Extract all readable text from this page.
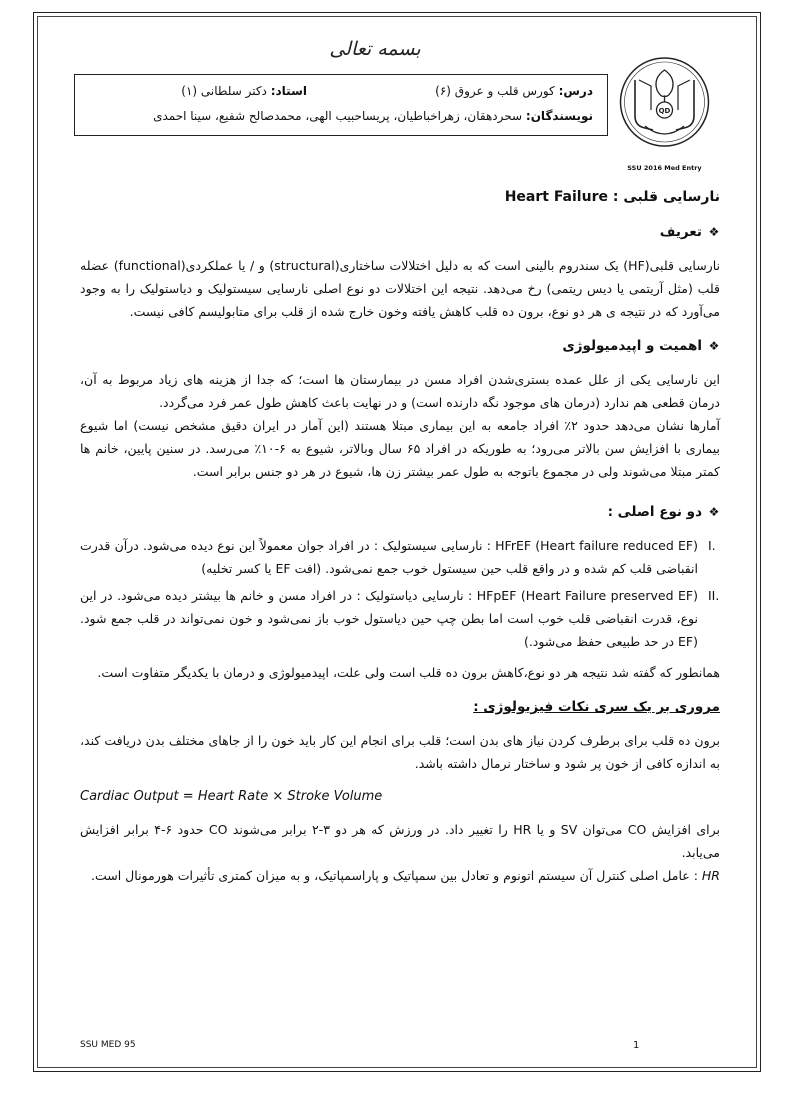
بسمه تعالی
درس: کورس قلب و عروق (۶)
استاد: دکتر سلطانی (۱)
نویسندگان: سحردهقان، زهراخباطیان، پریساحبیب الهی، محمدصالح شفیع، سینا احمدی	QD
SSU 2016 Med Entry
نارسایی قلبی : Heart Failure
❖
تعریف

نارسایی قلبی(HF) یک سندروم بالینی است که به دلیل اختلالات ساختاری(structural) و / یا عملکردی(functional) عضله قلب (مثل آریتمی یا دیس ریتمی) رخ می‌دهد. نتیجه این اختلالات دو نوع اصلی نارسایی سیستولیک و دیاستولیک را به وجود می‌آورد که در نتیجه ی هر دو نوع، برون ده قلب کاهش یافته وخون خارج شده از قلب برای متابولیسم کافی نیست.

❖
اهمیت و اپیدمیولوژی

این نارسایی یکی از علل عمده بستری‌شدن افراد مسن در بیمارستان ها است؛ که جدا از هزینه های زیاد مربوط به آن، درمان قطعی هم ندارد (درمان های موجود نگه دارنده است) و در نهایت باعث کاهش طول عمر فرد می‌گردد.

آمارها نشان می‌دهد حدود ۲٪ افراد جامعه به این بیماری مبتلا هستند (این آمار در ایران دقیق مشخص نیست) اما شیوع بیماری با افزایش سن بالاتر می‌رود؛ به طوریکه در افراد ۶۵ سال وبالاتر، شیوع به ۶-۱۰٪ می‌رسد. در سنین پایین، خانم ها کمتر مبتلا می‌شوند ولی در مجموع باتوجه به طول عمر بیشتر زن ها، شیوع در هر دو جنس برابر است.

❖
دو نوع اصلی :
I.
HFrEF (Heart failure reduced EF) : نارسایی سیستولیک : در افراد جوان معمولاً این نوع دیده می‌شود. درآن قدرت انقباضی قلب کم شده و در واقع قلب حین سیستول خوب جمع نمی‌شود. (افت EF یا کسر تخلیه)
II.
HFpEF (Heart Failure preserved EF) : نارسایی دیاستولیک : در افراد مسن و خانم ها بیشتر دیده می‌شود. در این نوع، قدرت انقباضی قلب خوب است اما بطن چپ حین دیاستول خوب باز نمی‌شود و خون نمی‌تواند در قلب جمع شود. (EF در حد طبیعی حفظ می‌شود.)

همانطور که گفته شد نتیجه هر دو نوع،کاهش برون ده قلب است ولی علت، اپیدمیولوژی و درمان با یکدیگر متفاوت است.

مروری بر یک سری نکات فیزیولوژی :

برون ده قلب برای برطرف کردن نیاز های بدن است؛ قلب برای انجام این کار باید خون را از جاهای مختلف بدن دریافت کند، به اندازه کافی از خون پر شود و ساختار نرمال داشته باشد.

Cardiac Output = Heart Rate × Stroke Volume

برای افزایش CO می‌توان SV و یا HR را تغییر داد. در ورزش که هر دو ۳-۲ برابر می‌شوند CO حدود ۶-۴ برابر افزایش می‌یابد.

HR : عامل اصلی کنترل آن سیستم اتونوم و تعادل بین سمپاتیک و پاراسمپاتیک، و به میزان کمتری تأثیرات هورمونال است.

SSU MED 95	1
